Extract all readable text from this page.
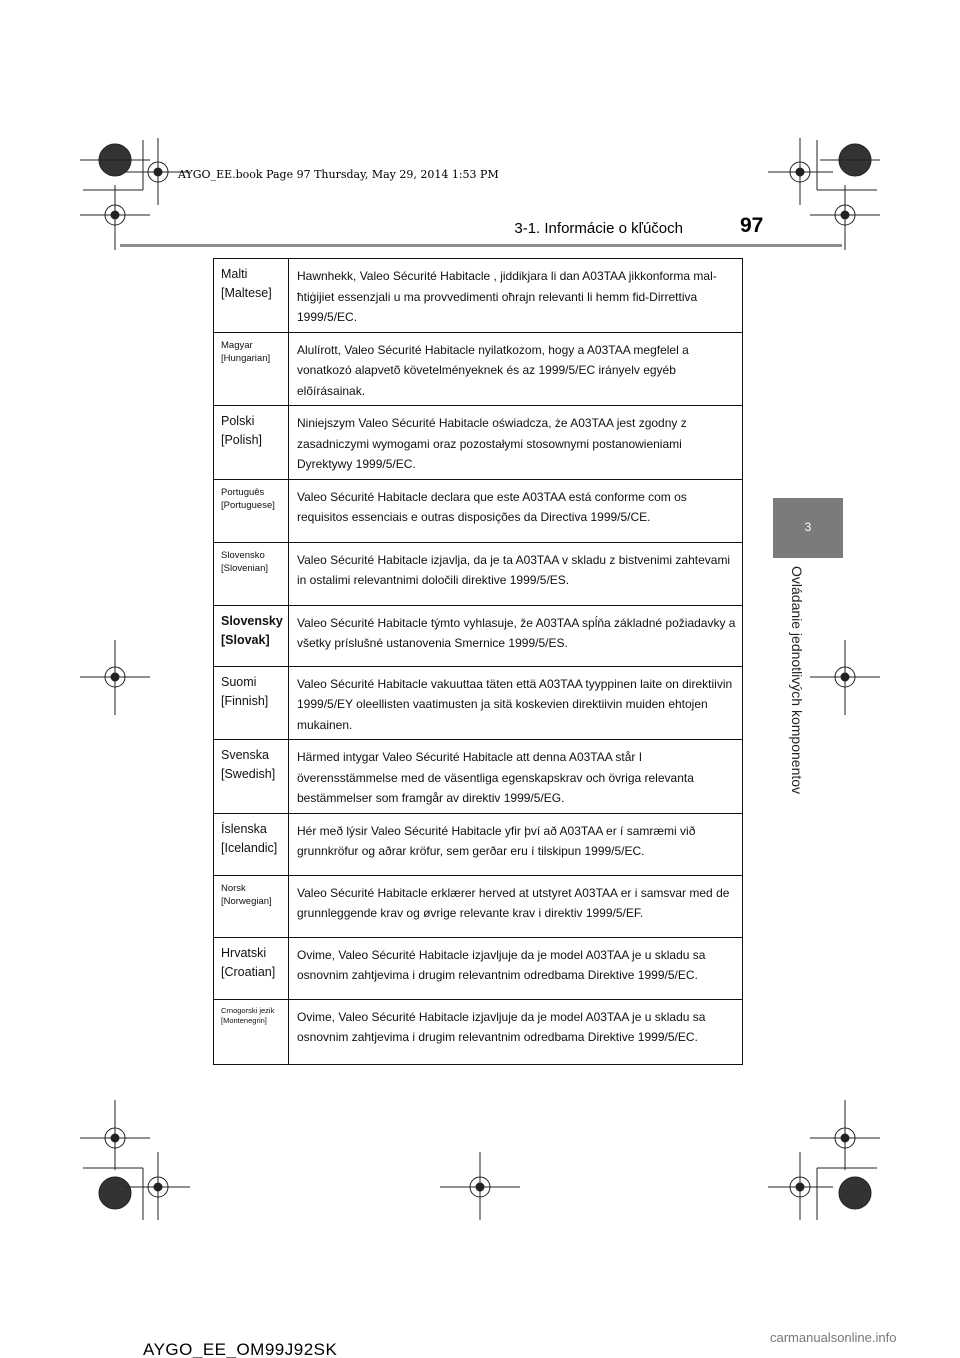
AYGO_EE.book Page 97 Thursday, May 29, 2014 1:53 PM
3-1. Informácie o kľúčoch	97
3
Ovládanie jednotlivých komponentov
Malti
[Maltese]	Hawnhekk, Valeo Sécurité Habitacle , jiddikjara li dan A03TAA jikkonforma mal-ħtiġijiet essenzjali u ma provvedimenti oħrajn relevanti li hemm fid-Dirrettiva 1999/5/EC.

Magyar
[Hungarian]	Alulírott, Valeo Sécurité Habitacle nyilatkozom, hogy a A03TAA megfelel a vonatkozó alapvetõ követelményeknek és az 1999/5/EC irányelv egyéb elõírásainak.

Polski
[Polish]	Niniejszym Valeo Sécurité Habitacle oświadcza, że A03TAA jest zgodny z zasadniczymi wymogami oraz pozostałymi stosownymi postanowieniami Dyrektywy 1999/5/EC.

Português
[Portuguese]	Valeo Sécurité Habitacle declara que este A03TAA está conforme com os requisitos essenciais e outras disposições da Directiva 1999/5/CE.

Slovensko
[Slovenian]	Valeo Sécurité Habitacle izjavlja, da je ta A03TAA v skladu z bistvenimi zahtevami in ostalimi relevantnimi določili direktive 1999/5/ES.

Slovensky
[Slovak]	Valeo Sécurité Habitacle týmto vyhlasuje, že A03TAA spĺňa základné požiadavky a všetky príslušné ustanovenia Smernice 1999/5/ES.

Suomi
[Finnish]	Valeo Sécurité Habitacle vakuuttaa täten että A03TAA tyyppinen laite on direktiivin 1999/5/EY oleellisten vaatimusten ja sitä koskevien direktiivin muiden ehtojen mukainen.

Svenska
[Swedish]	Härmed intygar Valeo Sécurité Habitacle att denna A03TAA står I överensstämmelse med de väsentliga egenskapskrav och övriga relevanta bestämmelser som framgår av direktiv 1999/5/EG.

Íslenska
[Icelandic]	Hér með lýsir Valeo Sécurité Habitacle yfir því að A03TAA er í samræmi við grunnkröfur og aðrar kröfur, sem gerðar eru í tilskipun 1999/5/EC.

Norsk
[Norwegian]	Valeo Sécurité Habitacle erklærer herved at utstyret A03TAA er i samsvar med de grunnleggende krav og øvrige relevante krav i direktiv 1999/5/EF.

Hrvatski
[Croatian]	Ovime, Valeo Sécurité Habitacle izjavljuje da je model A03TAA je u skladu sa osnovnim zahtjevima i drugim relevantnim odredbama Direktive 1999/5/EC.

Crnogorski jezik
[Montenegrin]	Ovime, Valeo Sécurité Habitacle izjavljuje da je model A03TAA je u skladu sa osnovnim zahtjevima i drugim relevantnim odredbama Direktive 1999/5/EC.
AYGO_EE_OM99J92SK
carmanualsonline.info
